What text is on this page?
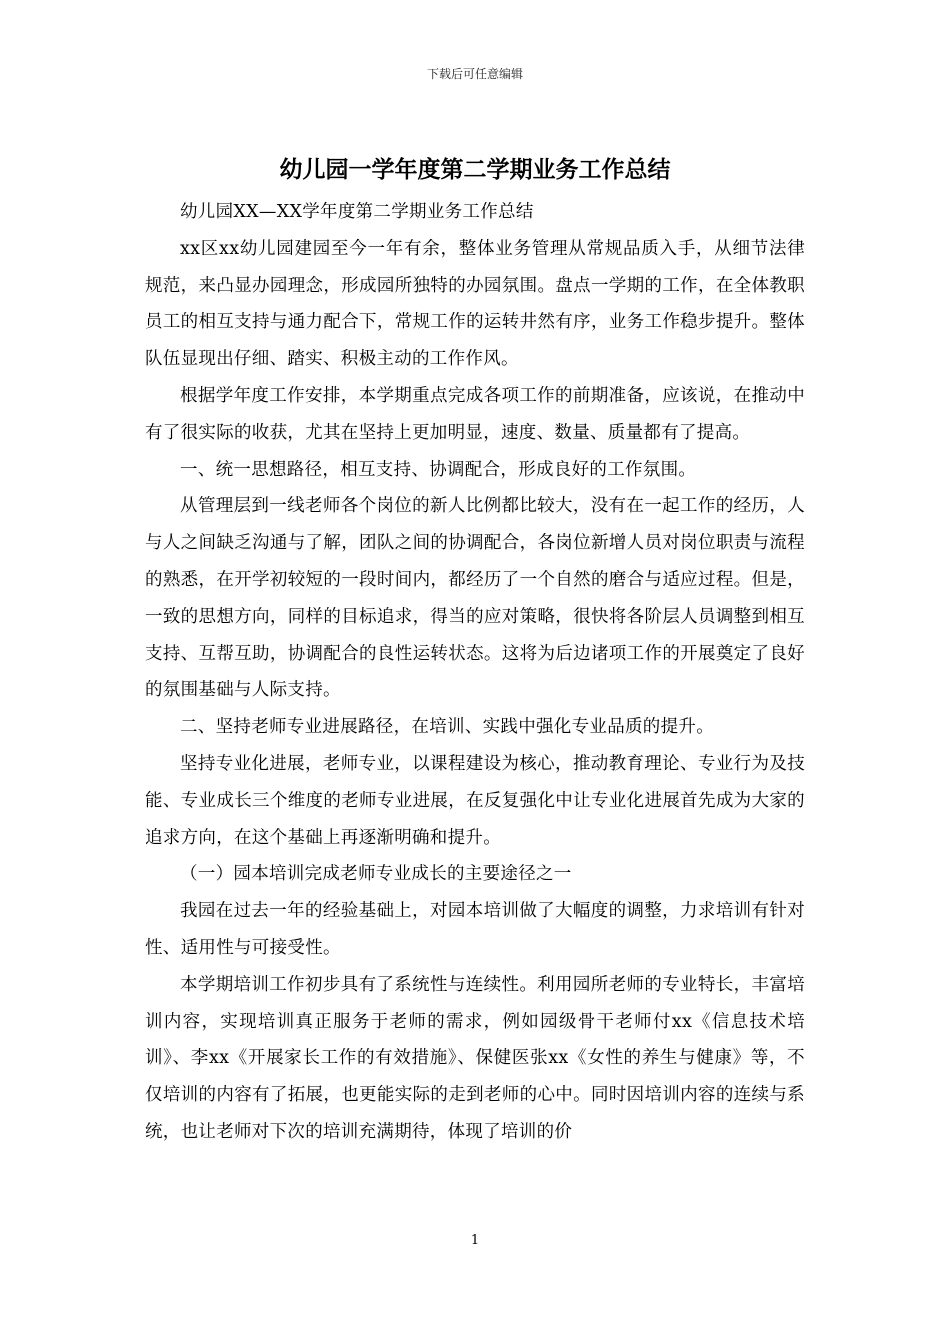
下载后可任意编辑
幼儿园一学年度第二学期业务工作总结

幼儿园XX—XX学年度第二学期业务工作总结

xx区xx幼儿园建园至今一年有余，整体业务管理从常规品质入手，从细节法律规范，来凸显办园理念，形成园所独特的办园氛围。盘点一学期的工作，在全体教职员工的相互支持与通力配合下，常规工作的运转井然有序，业务工作稳步提升。整体队伍显现出仔细、踏实、积极主动的工作作风。

根据学年度工作安排，本学期重点完成各项工作的前期准备，应该说，在推动中有了很实际的收获，尤其在坚持上更加明显，速度、数量、质量都有了提高。

一、统一思想路径，相互支持、协调配合，形成良好的工作氛围。

从管理层到一线老师各个岗位的新人比例都比较大，没有在一起工作的经历，人与人之间缺乏沟通与了解，团队之间的协调配合，各岗位新增人员对岗位职责与流程的熟悉，在开学初较短的一段时间内，都经历了一个自然的磨合与适应过程。但是，一致的思想方向，同样的目标追求，得当的应对策略，很快将各阶层人员调整到相互支持、互帮互助，协调配合的良性运转状态。这将为后边诸项工作的开展奠定了良好的氛围基础与人际支持。

二、坚持老师专业进展路径，在培训、实践中强化专业品质的提升。

坚持专业化进展，老师专业，以课程建设为核心，推动教育理论、专业行为及技能、专业成长三个维度的老师专业进展，在反复强化中让专业化进展首先成为大家的追求方向，在这个基础上再逐渐明确和提升。

（一）园本培训完成老师专业成长的主要途径之一

我园在过去一年的经验基础上，对园本培训做了大幅度的调整，力求培训有针对性、适用性与可接受性。

本学期培训工作初步具有了系统性与连续性。利用园所老师的专业特长，丰富培训内容，实现培训真正服务于老师的需求，例如园级骨干老师付xx《信息技术培训》、李xx《开展家长工作的有效措施》、保健医张xx《女性的养生与健康》等，不仅培训的内容有了拓展，也更能实际的走到老师的心中。同时因培训内容的连续与系统，也让老师对下次的培训充满期待，体现了培训的价

1
